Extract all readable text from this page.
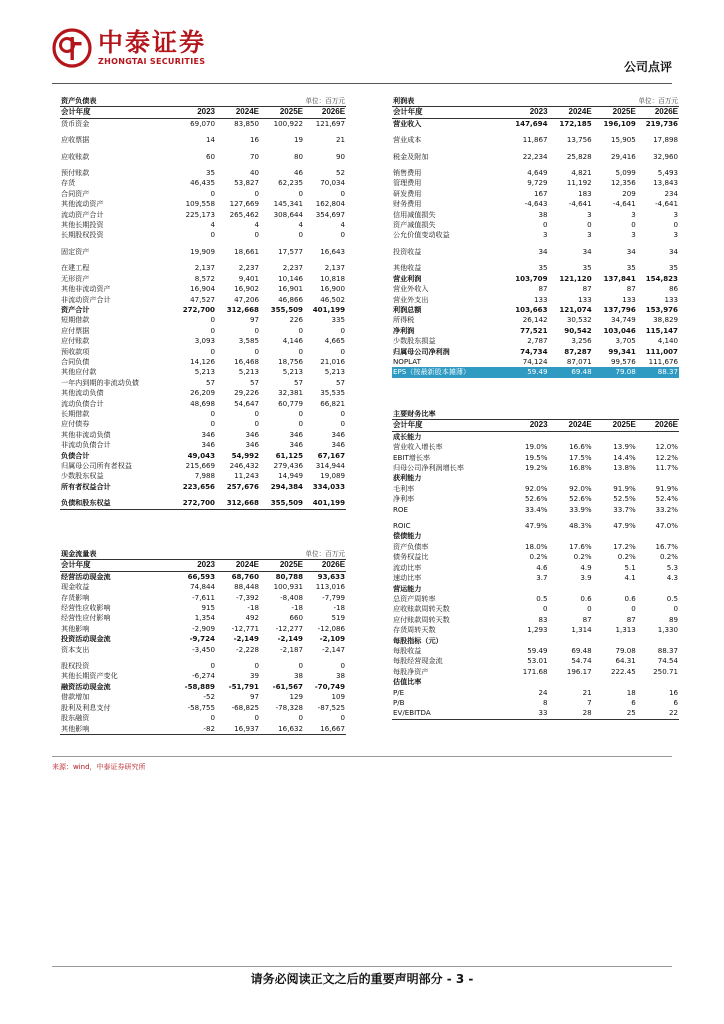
中泰证券
ZHONGTAI SECURITIES	公司点评
资产负债表		单位：百万元		
会计年度	2023	2024E	2025E	2026E
货币资金	69,070	83,850	100,922	121,697

应收票据	14	16	19	21

应收账款	60	70	80	90

预付账款	35	40	46	52
存货	46,435	53,827	62,235	70,034
合同资产	0	0	0	0
其他流动资产	109,558	127,669	145,341	162,804
流动资产合计	225,173	265,462	308,644	354,697
其他长期投资	4	4	4	4
长期股权投资	0	0	0	0

固定资产	19,909	18,661	17,577	16,643

在建工程	2,137	2,237	2,237	2,137
无形资产	8,572	9,401	10,146	10,818
其他非流动资产	16,904	16,902	16,901	16,900
非流动资产合计	47,527	47,206	46,866	46,502
资产合计	272,700	312,668	355,509	401,199
短期借款	0	97	226	335
应付票据	0	0	0	0
应付账款	3,093	3,585	4,146	4,665
预收款项	0	0	0	0
合同负债	14,126	16,468	18,756	21,016
其他应付款	5,213	5,213	5,213	5,213
一年内到期的非流动负债	57	57	57	57
其他流动负债	26,209	29,226	32,381	35,535
流动负债合计	48,698	54,647	60,779	66,821
长期借款	0	0	0	0
应付债券	0	0	0	0
其他非流动负债	346	346	346	346
非流动负债合计	346	346	346	346
负债合计	49,043	54,992	61,125	67,167
归属母公司所有者权益	215,669	246,432	279,436	314,944
少数股东权益	7,988	11,243	14,949	19,089
所有者权益合计	223,656	257,676	294,384	334,033

负债和股东权益	272,700	312,668	355,509	401,199
现金流量表		单位：百万元		
会计年度	2023	2024E	2025E	2026E
经营活动现金流	66,593	68,760	80,788	93,633
现金收益	74,844	88,448	100,931	113,016
存货影响	-7,611	-7,392	-8,408	-7,799
经营性应收影响	915	-18	-18	-18
经营性应付影响	1,354	492	660	519
其他影响	-2,909	-12,771	-12,277	-12,086
投资活动现金流	-9,724	-2,149	-2,149	-2,109
资本支出	-3,450	-2,228	-2,187	-2,147

股权投资	0	0	0	0
其他长期资产变化	-6,274	39	38	38
融资活动现金流	-58,889	-51,791	-61,567	-70,749
借款增加	-52	97	129	109
股利及利息支付	-58,755	-68,825	-78,328	-87,525
股东融资	0	0	0	0
其他影响	-82	16,937	16,632	16,667
利润表		单位：百万元		
会计年度	2023	2024E	2025E	2026E
营业收入	147,694	172,185	196,109	219,736

营业成本	11,867	13,756	15,905	17,898

税金及附加	22,234	25,828	29,416	32,960

销售费用	4,649	4,821	5,099	5,493
管理费用	9,729	11,192	12,356	13,843
研发费用	167	183	209	234
财务费用	-4,643	-4,641	-4,641	-4,641
信用减值损失	38	3	3	3
资产减值损失	0	0	0	0
公允价值变动收益	3	3	3	3

投资收益	34	34	34	34

其他收益	35	35	35	35
营业利润	103,709	121,120	137,841	154,823
营业外收入	87	87	87	86
营业外支出	133	133	133	133
利润总额	103,663	121,074	137,796	153,976
所得税	26,142	30,532	34,749	38,829
净利润	77,521	90,542	103,046	115,147
少数股东损益	2,787	3,256	3,705	4,140
归属母公司净利润	74,734	87,287	99,341	111,007
NOPLAT	74,124	87,071	99,576	111,676
EPS（按最新股本摊薄）	59.49	69.48	79.08	88.37
主要财务比率				
会计年度	2023	2024E	2025E	2026E
成长能力				
营业收入增长率	19.0%	16.6%	13.9%	12.0%
EBIT增长率	19.5%	17.5%	14.4%	12.2%
归母公司净利润增长率	19.2%	16.8%	13.8%	11.7%
获利能力				
毛利率	92.0%	92.0%	91.9%	91.9%
净利率	52.6%	52.6%	52.5%	52.4%
ROE	33.4%	33.9%	33.7%	33.2%

ROIC	47.9%	48.3%	47.9%	47.0%
偿债能力				
资产负债率	18.0%	17.6%	17.2%	16.7%
债务权益比	0.2%	0.2%	0.2%	0.2%
流动比率	4.6	4.9	5.1	5.3
速动比率	3.7	3.9	4.1	4.3
营运能力				
总资产周转率	0.5	0.6	0.6	0.5
应收账款周转天数	0	0	0	0
应付账款周转天数	83	87	87	89
存货周转天数	1,293	1,314	1,313	1,330
每股指标（元）				
每股收益	59.49	69.48	79.08	88.37
每股经营现金流	53.01	54.74	64.31	74.54
每股净资产	171.68	196.17	222.45	250.71
估值比率				
P/E	24	21	18	16
P/B	8	7	6	6
EV/EBITDA	33	28	25	22
来源：wind，中泰证券研究所
请务必阅读正文之后的重要声明部分 - 3 -
